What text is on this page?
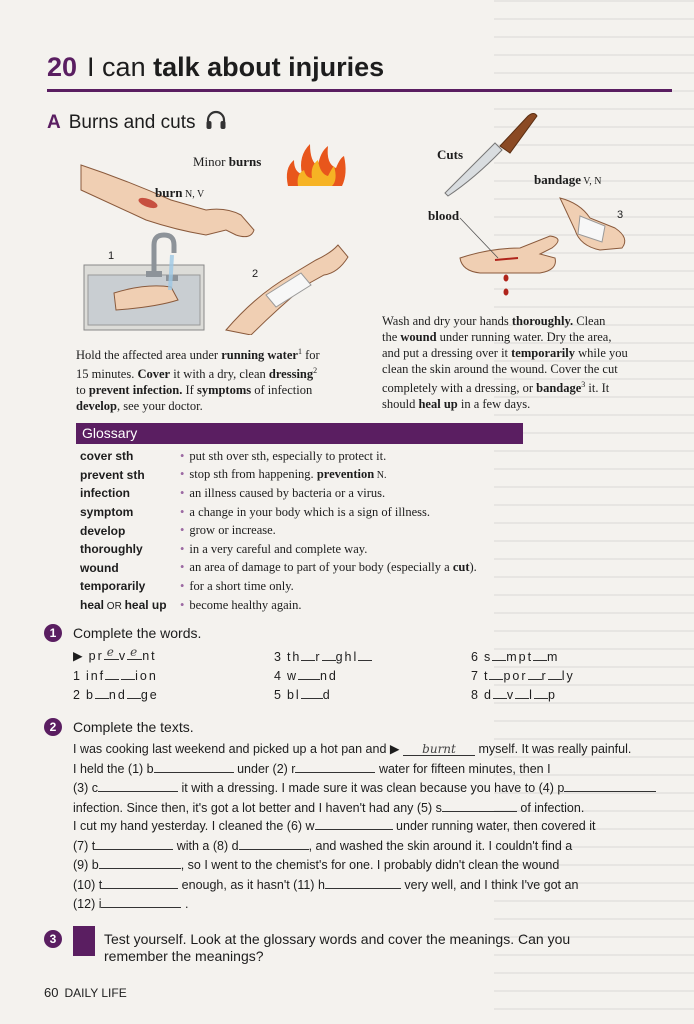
20 I can talk about injuries
A Burns and cuts
Minor burns
burn N, V
1
2
Cuts
bandage V, N
blood	3
Hold the affected area under running water$^1$ for
15 minutes. Cover it with a dry, clean dressing$^2$
to prevent infection. If symptoms of infection
develop, see your doctor.
Wash and dry your hands thoroughly. Clean
the wound under running water. Dry the area,
and put a dressing over it temporarily while you
clean the skin around the wound. Cover the cut
completely with a dressing, or bandage$^3$ it. It
should heal up in a few days.
Glossary
cover sth	• put sth over sth, especially to protect it.
prevent sth	• stop sth from happening. prevention N.
infection	• an illness caused by bacteria or a virus.
symptom	• a change in your body which is a sign of illness.
develop	• grow or increase.
thoroughly	• in a very careful and complete way.
wound	• an area of damage to part of your body (especially a cut).
temporarily	• for a short time only.
heal OR heal up	• become healthy again.
1	Complete the words.
▶ pr e v e nt
1 inf ion
2 b nd ge
3 th r ghl
4 w nd
5 bl d
6 s mpt m
7 t por r ly
8 d v l p
2	Complete the texts.
I was cooking last weekend and picked up a hot pan and ▶ burnt myself. It was really painful.
I held the (1) b	under (2) r	water for fifteen minutes, then I
(3) c	it with a dressing. I made sure it was clean because you have to (4) p
infection. Since then, it's got a lot better and I haven't had any (5) s	of infection.
I cut my hand yesterday. I cleaned the (6) w	under running water, then covered it
(7) t	with a (8) d	, and washed the skin around it. I couldn't find a
(9) b	, so I went to the chemist's for one. I probably didn't clean the wound
(10) t	enough, as it hasn't (11) h	very well, and I think I've got an
(12) i	.
3	Test yourself. Look at the glossary words and cover the meanings. Can you
remember the meanings?
60 DAILY LIFE
